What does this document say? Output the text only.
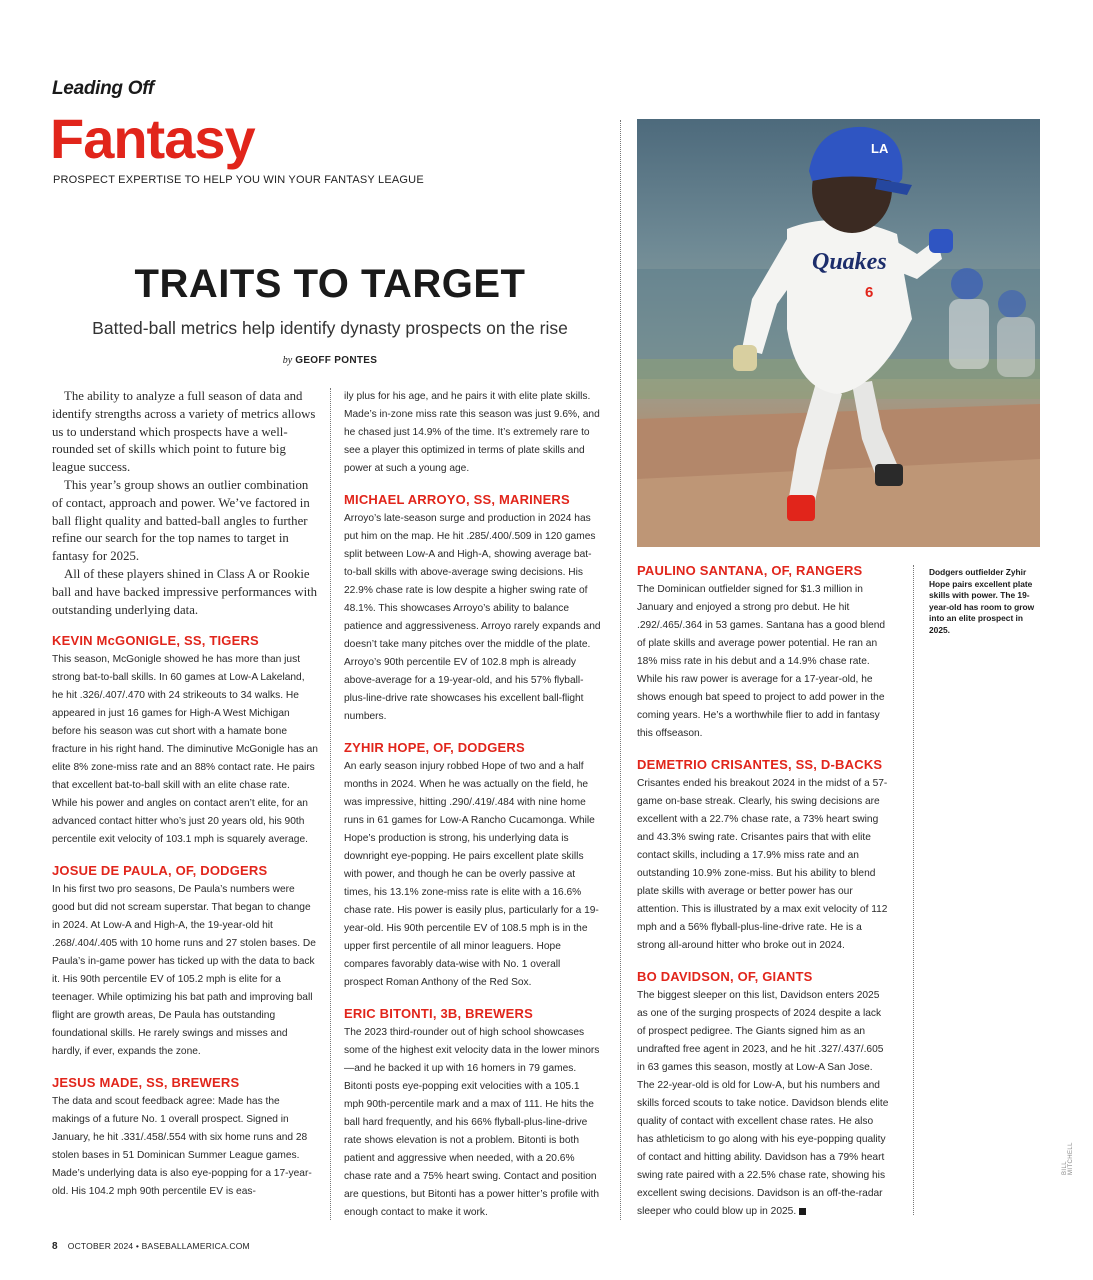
Leading Off
Fantasy
PROSPECT EXPERTISE TO HELP YOU WIN YOUR FANTASY LEAGUE
TRAITS TO TARGET
Batted-ball metrics help identify dynasty prospects on the rise
by GEOFF PONTES

The ability to analyze a full season of data and identify strengths across a variety of metrics allows us to understand which prospects have a well-rounded set of skills which point to future big league success.

This year’s group shows an outlier combination of contact, approach and power. We’ve factored in ball flight quality and batted-ball angles to further refine our search for the top names to target in fantasy for 2025.

All of these players shined in Class A or Rookie ball and have backed impressive performances with outstanding underlying data.

KEVIN McGONIGLE, SS, TIGERS

This season, McGonigle showed he has more than just strong bat-to-ball skills. In 60 games at Low-A Lakeland, he hit .326/.407/.470 with 24 strikeouts to 34 walks. He appeared in just 16 games for High-A West Michigan before his season was cut short with a hamate bone fracture in his right hand. The diminutive McGonigle has an elite 8% zone-miss rate and an 88% contact rate. He pairs that excellent bat-to-ball skill with an elite chase rate. While his power and angles on contact aren’t elite, for an advanced contact hitter who’s just 20 years old, his 90th percentile exit velocity of 103.1 mph is squarely average.

JOSUE DE PAULA, OF, DODGERS

In his first two pro seasons, De Paula’s numbers were good but did not scream superstar. That began to change in 2024. At Low-A and High-A, the 19-year-old hit .268/.404/.405 with 10 home runs and 27 stolen bases. De Paula’s in-game power has ticked up with the data to back it. His 90th percentile EV of 105.2 mph is elite for a teenager. While optimizing his bat path and improving ball flight are growth areas, De Paula has outstanding foundational skills. He rarely swings and misses and hardly, if ever, expands the zone.

JESUS MADE, SS, BREWERS

The data and scout feedback agree: Made has the makings of a future No. 1 overall prospect. Signed in January, he hit .331/.458/.554 with six home runs and 28 stolen bases in 51 Dominican Summer League games. Made’s underlying data is also eye-popping for a 17-year-old. His 104.2 mph 90th percentile EV is eas-

ily plus for his age, and he pairs it with elite plate skills. Made’s in-zone miss rate this season was just 9.6%, and he chased just 14.9% of the time. It’s extremely rare to see a player this optimized in terms of plate skills and power at such a young age.

MICHAEL ARROYO, SS, MARINERS

Arroyo’s late-season surge and production in 2024 has put him on the map. He hit .285/.400/.509 in 120 games split between Low-A and High-A, showing average bat-to-ball skills with above-average swing decisions. His 22.9% chase rate is low despite a higher swing rate of 48.1%. This showcases Arroyo’s ability to balance patience and aggressiveness. Arroyo rarely expands and doesn’t take many pitches over the middle of the plate. Arroyo’s 90th percentile EV of 102.8 mph is already above-average for a 19-year-old, and his 57% flyball-plus-line-drive rate showcases his excellent ball-flight numbers.

ZYHIR HOPE, OF, DODGERS

An early season injury robbed Hope of two and a half months in 2024. When he was actually on the field, he was impressive, hitting .290/.419/.484 with nine home runs in 61 games for Low-A Rancho Cucamonga. While Hope’s production is strong, his underlying data is downright eye-popping. He pairs excellent plate skills with power, and though he can be overly passive at times, his 13.1% zone-miss rate is elite with a 16.6% chase rate. His power is easily plus, particularly for a 19-year-old. His 90th percentile EV of 108.5 mph is in the upper first percentile of all minor leaguers. Hope compares favorably data-wise with No. 1 overall prospect Roman Anthony of the Red Sox.

ERIC BITONTI, 3B, BREWERS

The 2023 third-rounder out of high school showcases some of the highest exit velocity data in the lower minors—and he backed it up with 16 homers in 79 games. Bitonti posts eye-popping exit velocities with a 105.1 mph 90th-percentile mark and a max of 111. He hits the ball hard frequently, and his 66% flyball-plus-line-drive rate shows elevation is not a problem. Bitonti is both patient and aggressive when needed, with a 20.6% chase rate and a 75% heart swing. Contact and position are questions, but Bitonti has a power hitter’s profile with enough contact to make it work.

LA
Quakes
6
Dodgers outfielder Zyhir Hope pairs excellent plate skills with power. The 19-year-old has room to grow into an elite prospect in 2025.
BILL MITCHELL
PAULINO SANTANA, OF, RANGERS

The Dominican outfielder signed for $1.3 million in January and enjoyed a strong pro debut. He hit .292/.465/.364 in 53 games. Santana has a good blend of plate skills and average power potential. He ran an 18% miss rate in his debut and a 14.9% chase rate. While his raw power is average for a 17-year-old, he shows enough bat speed to project to add power in the coming years. He’s a worthwhile flier to add in fantasy this offseason.

DEMETRIO CRISANTES, SS, D-BACKS

Crisantes ended his breakout 2024 in the midst of a 57-game on-base streak. Clearly, his swing decisions are excellent with a 22.7% chase rate, a 73% heart swing and 43.3% swing rate. Crisantes pairs that with elite contact skills, including a 17.9% miss rate and an outstanding 10.9% zone-miss. But his ability to blend plate skills with average or better power has our attention. This is illustrated by a max exit velocity of 112 mph and a 56% flyball-plus-line-drive rate. He is a strong all-around hitter who broke out in 2024.

BO DAVIDSON, OF, GIANTS

The biggest sleeper on this list, Davidson enters 2025 as one of the surging prospects of 2024 despite a lack of prospect pedigree. The Giants signed him as an undrafted free agent in 2023, and he hit .327/.437/.605 in 63 games this season, mostly at Low-A San Jose. The 22-year-old is old for Low-A, but his numbers and skills forced scouts to take notice. Davidson blends elite quality of contact with excellent chase rates. He also has athleticism to go along with his eye-popping quality of contact and hitting ability. Davidson has a 79% heart swing rate paired with a 22.5% chase rate, showing his excellent swing decisions. Davidson is an off-the-radar sleeper who could blow up in 2025.

8 OCTOBER 2024 • BASEBALLAMERICA.COM
